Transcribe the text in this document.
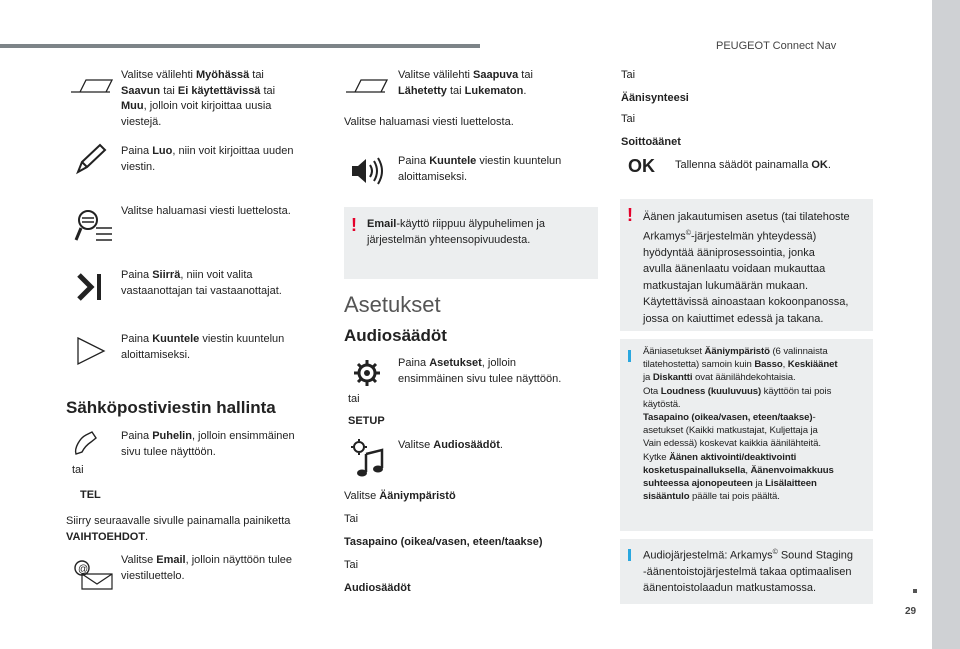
PEUGEOT Connect Nav
29
Valitse välilehti Myöhässä tai
Saavun tai Ei käytettävissä tai
Muu, jolloin voit kirjoittaa uusia
viestejä.
Paina Luo, niin voit kirjoittaa uuden
viestin.
Valitse haluamasi viesti luettelosta.
Paina Siirrä, niin voit valita
vastaanottajan tai vastaanottajat.
Paina Kuuntele viestin kuuntelun
aloittamiseksi.
Sähköpostiviestin hallinta
tai
TEL
Paina Puhelin, jolloin ensimmäinen
sivu tulee näyttöön.
Siirry seuraavalle sivulle painamalla painiketta
VAIHTOEHDOT.
@
Valitse Email, jolloin näyttöön tulee
viestiluettelo.
Valitse välilehti Saapuva tai
Lähetetty tai Lukematon.
Valitse haluamasi viesti luettelosta.
Paina Kuuntele viestin kuuntelun
aloittamiseksi.
! Email-käyttö riippuu älypuhelimen ja
järjestelmän yhteensopivuudesta.
Asetukset
Audiosäädöt
tai
SETUP
Paina Asetukset, jolloin
ensimmäinen sivu tulee näyttöön.
Valitse Audiosäädöt.
Valitse Ääniympäristö
Tai
Tasapaino (oikea/vasen, eteen/taakse)
Tai
Audiosäädöt
Tai
Äänisynteesi
Tai
Soittoäänet
OK Tallenna säädöt painamalla OK.
! Äänen jakautumisen asetus (tai tilatehoste
Arkamys©-järjestelmän yhteydessä)
hyödyntää ääniprosessointia, jonka
avulla äänenlaatu voidaan mukauttaa
matkustajan lukumäärän mukaan.
Käytettävissä ainoastaan kokoonpanossa,
jossa on kaiuttimet edessä ja takana.
Ääniasetukset Ääniympäristö (6 valinnaista
tilatehostetta) samoin kuin Basso, Keskiäänet
ja Diskantti ovat äänilähdekohtaisia.
Ota Loudness (kuuluvuus) käyttöön tai pois
käytöstä.
Tasapaino (oikea/vasen, eteen/taakse)-
asetukset (Kaikki matkustajat, Kuljettaja ja
Vain edessä) koskevat kaikkia äänilähteitä.
Kytke Äänen aktivointi/deaktivointi
kosketuspainalluksella, Äänenvoimakkuus
suhteessa ajonopeuteen ja Lisälaitteen
sisääntulo päälle tai pois päältä.
Audiojärjestelmä: Arkamys© Sound Staging
-äänentoistojärjestelmä takaa optimaalisen
äänentoistolaadun matkustamossa.
